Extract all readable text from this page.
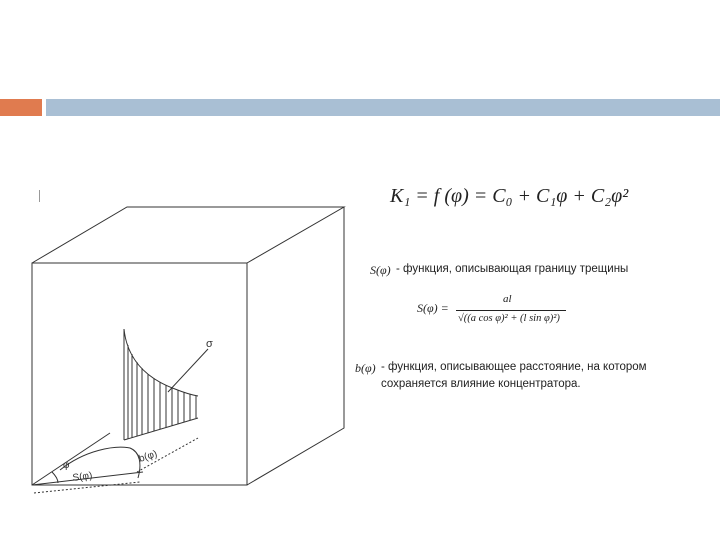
σ
φ
b(φ)
S(φ)
K₁ = f (φ) = C₀ + C₁φ + C₂φ²
S(φ) - функция, описывающая границу трещины
S(φ) =
al
√((a cos φ)² + (l sin φ)²)
b(φ) - функция, описывающее расстояние, на котором
сохраняется влияние концентратора.
